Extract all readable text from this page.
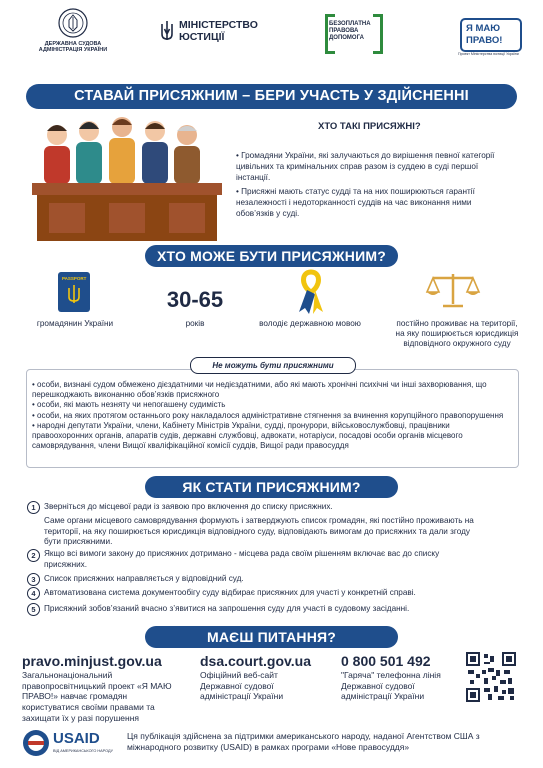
ДЕРЖАВНА СУДОВА АДМІНІСТРАЦІЯ УКРАЇНИ
МІНІСТЕРСТВО
ЮСТИЦІЇ
БЕЗОПЛАТНА
ПРАВОВА
ДОПОМОГА
Я МАЮ ПРАВО!
Проект Міністерства юстиції України
СТАВАЙ ПРИСЯЖНИМ – БЕРИ УЧАСТЬ У ЗДІЙСНЕННІ ПРАВОСУДДЯ
ХТО ТАКІ ПРИСЯЖНІ?
• Громадяни України, які залучаються до вирішення певної категорії цивільних та кримінальних справ разом із суддею в суді першої інстанції.
• Присяжні мають статус судді та на них поширюються гарантії незалежності і недоторканності суддів на час виконання ними обов’язків у суді.
ХТО МОЖЕ БУТИ ПРИСЯЖНИМ?
PASSPORT
громадянин України
30-65
років	володіє державною мовою	постійно проживає на території, на яку поширюється юрисдикція відповідного окружного суду

• особи, визнані судом обмежено дієздатними чи недієздатними, або які мають хронічні психічні чи інші захворювання, що перешкоджають виконанню обов’язків присяжного

• особи, які мають незняту чи непогашену судимість

• особи, на яких протягом останнього року накладалося адміністративне стягнення за вчинення корупційного правопорушення

• народні депутати України, члени, Кабінету Міністрів України, судді, пронурори, військовослужбовці, працівники правоохоронних органів, апаратів судів, державні службовці, адвокати, нотаріуси, посадові особи органів місцевого самоврядування, члени Вищої кваліфікаційної комісії суддів, Вищої ради правосуддя

Не можуть бути присяжними
ЯК СТАТИ ПРИСЯЖНИМ?
1	Зверніться до місцевої ради із заявою про включення до списку присяжних.
Саме органи місцевого самоврядування формують і затверджують список громадян, які постійно проживають на території, на яку поширюється юрисдикція відповідного суду, відповідають вимогам до присяжних та дали згоду бути присяжними.
2	Якщо всі вимоги закону до присяжних дотримано - місцева рада своїм рішенням включає вас до списку присяжних.
3	Список присяжних направляється у відповідний суд.
4	Автоматизована система документообігу суду відбирає присяжних для участі у конкретній справі.
5	Присяжний зобов’язаний вчасно з’явитися на запрошення суду для участі в судовому засіданні.
МАЄШ ПИТАННЯ?
pravo.minjust.gov.ua
Загальнонаціональний правопросвітницький проект «Я МАЮ ПРАВО!» навчає громадян користуватися своїми правами та захищати їх у разі порушення
dsa.court.gov.ua
Офіційний веб-сайт Державної судової адміністрації України
0 800 501 492
"Гаряча" телефонна лінія Державної судової адміністрації України
USAID
ВІД АМЕРИКАНСЬКОГО НАРОДУ
Ця публікація здійснена за підтримки американського народу, наданої Агентством США з міжнародного розвитку (USAID) в рамках програми «Нове правосуддя»
